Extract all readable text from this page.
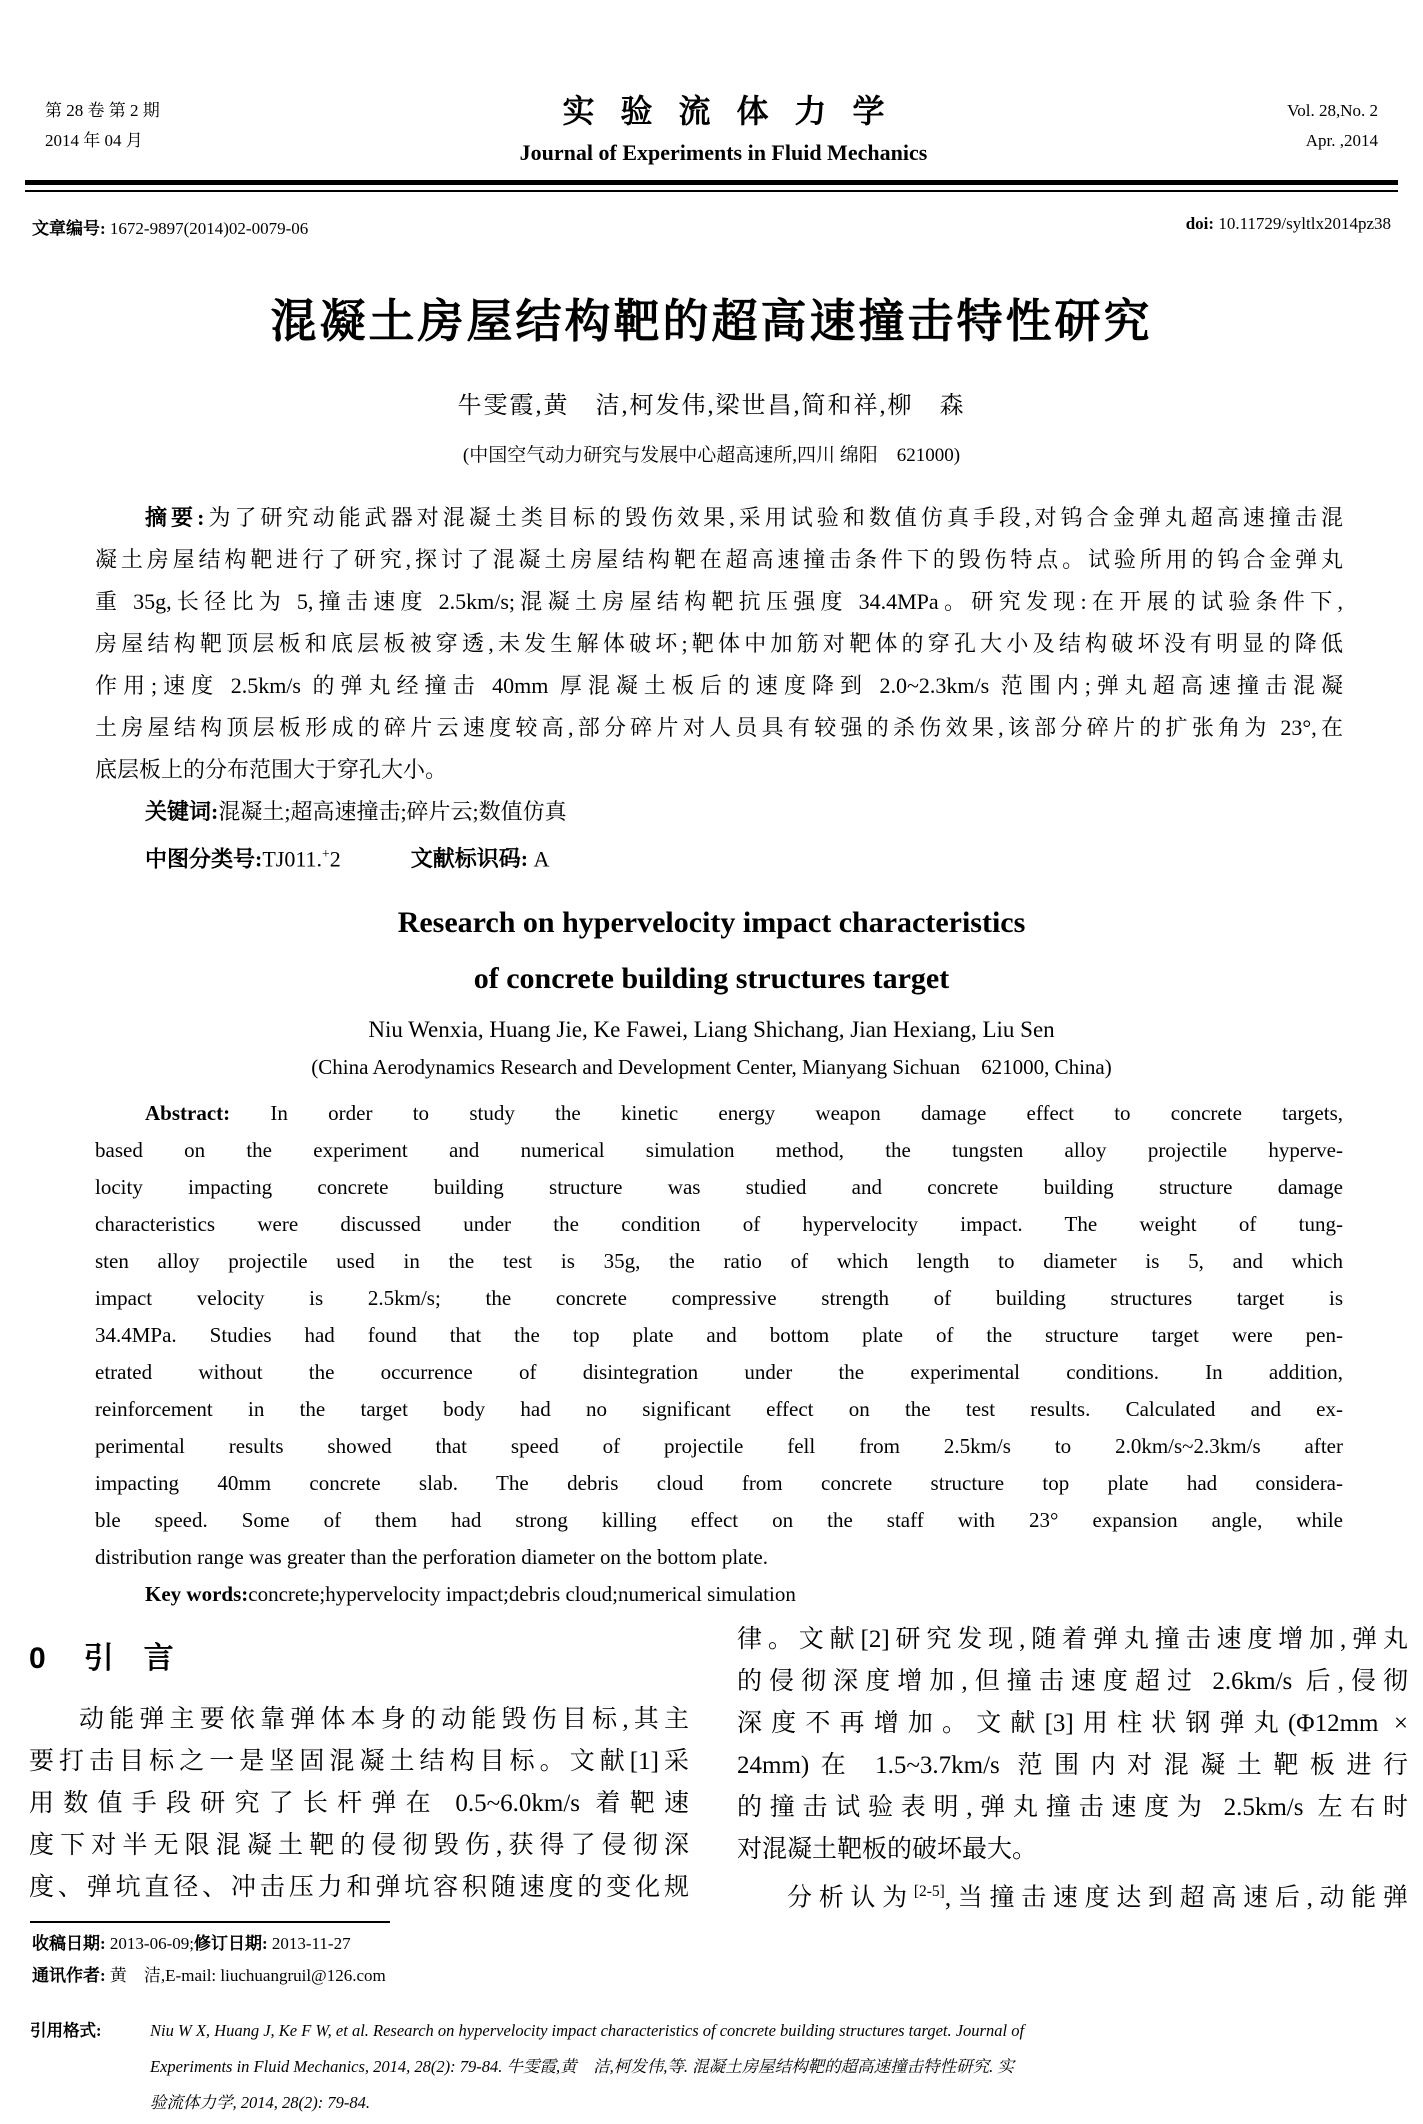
第 28 卷 第 2 期
2014 年 04 月
实验流体力学
Journal of Experiments in Fluid Mechanics
Vol. 28,No. 2
Apr. ,2014
文章编号: 1672-9897(2014)02-0079-06	doi: 10.11729/syltlx2014pz38
混凝土房屋结构靶的超高速撞击特性研究
牛雯霞,黄　洁,柯发伟,梁世昌,简和祥,柳　森
(中国空气动力研究与发展中心超高速所,四川 绵阳　621000)
摘要:为了研究动能武器对混凝土类目标的毁伤效果,采用试验和数值仿真手段,对钨合金弹丸超高速撞击混
凝土房屋结构靶进行了研究,探讨了混凝土房屋结构靶在超高速撞击条件下的毁伤特点。试验所用的钨合金弹丸
重 35g,长径比为 5,撞击速度 2.5km/s;混凝土房屋结构靶抗压强度 34.4MPa。研究发现:在开展的试验条件下,
房屋结构靶顶层板和底层板被穿透,未发生解体破坏;靶体中加筋对靶体的穿孔大小及结构破坏没有明显的降低
作用;速度 2.5km/s 的弹丸经撞击 40mm 厚混凝土板后的速度降到 2.0~2.3km/s 范围内;弹丸超高速撞击混凝
土房屋结构顶层板形成的碎片云速度较高,部分碎片对人员具有较强的杀伤效果,该部分碎片的扩张角为 23°,在
底层板上的分布范围大于穿孔大小。
关键词:混凝土;超高速撞击;碎片云;数值仿真
中图分类号:TJ011.+2	文献标识码: A
Research on hypervelocity impact characteristics
of concrete building structures target
Niu Wenxia, Huang Jie, Ke Fawei, Liang Shichang, Jian Hexiang, Liu Sen
(China Aerodynamics Research and Development Center, Mianyang Sichuan　621000, China)
Abstract: In order to study the kinetic energy weapon damage effect to concrete targets,
based on the experiment and numerical simulation method, the tungsten alloy projectile hyperve-
locity impacting concrete building structure was studied and concrete building structure damage
characteristics were discussed under the condition of hypervelocity impact. The weight of tung-
sten alloy projectile used in the test is 35g, the ratio of which length to diameter is 5, and which
impact velocity is 2.5km/s; the concrete compressive strength of building structures target is
34.4MPa. Studies had found that the top plate and bottom plate of the structure target were pen-
etrated without the occurrence of disintegration under the experimental conditions. In addition,
reinforcement in the target body had no significant effect on the test results. Calculated and ex-
perimental results showed that speed of projectile fell from 2.5km/s to 2.0km/s~2.3km/s after
impacting 40mm concrete slab. The debris cloud from concrete structure top plate had considera-
ble speed. Some of them had strong killing effect on the staff with 23° expansion angle, while
distribution range was greater than the perforation diameter on the bottom plate.
Key words:concrete;hypervelocity impact;debris cloud;numerical simulation
0 引　言
动能弹主要依靠弹体本身的动能毁伤目标,其主
要打击目标之一是坚固混凝土结构目标。文献[1]采
用数值手段研究了长杆弹在 0.5~6.0km/s 着靶速
度下对半无限混凝土靶的侵彻毁伤,获得了侵彻深
度、弹坑直径、冲击压力和弹坑容积随速度的变化规
律。文献[2]研究发现,随着弹丸撞击速度增加,弹丸
的侵彻深度增加,但撞击速度超过 2.6km/s 后,侵彻
深度不再增加。文献[3]用柱状钢弹丸(Φ12mm ×
24mm)在 1.5~3.7km/s 范围内对混凝土靶板进行
的撞击试验表明,弹丸撞击速度为 2.5km/s 左右时
对混凝土靶板的破坏最大。
分析认为[2-5],当撞击速度达到超高速后,动能弹
收稿日期: 2013-06-09;修订日期: 2013-11-27
通讯作者: 黄　洁,E-mail: liuchuangruil@126.com
引用格式:	Niu W X, Huang J, Ke F W, et al. Research on hypervelocity impact characteristics of concrete building structures target. Journal of
Experiments in Fluid Mechanics, 2014, 28(2): 79-84. 牛雯霞,黄　洁,柯发伟,等. 混凝土房屋结构靶的超高速撞击特性研究. 实
验流体力学, 2014, 28(2): 79-84.
